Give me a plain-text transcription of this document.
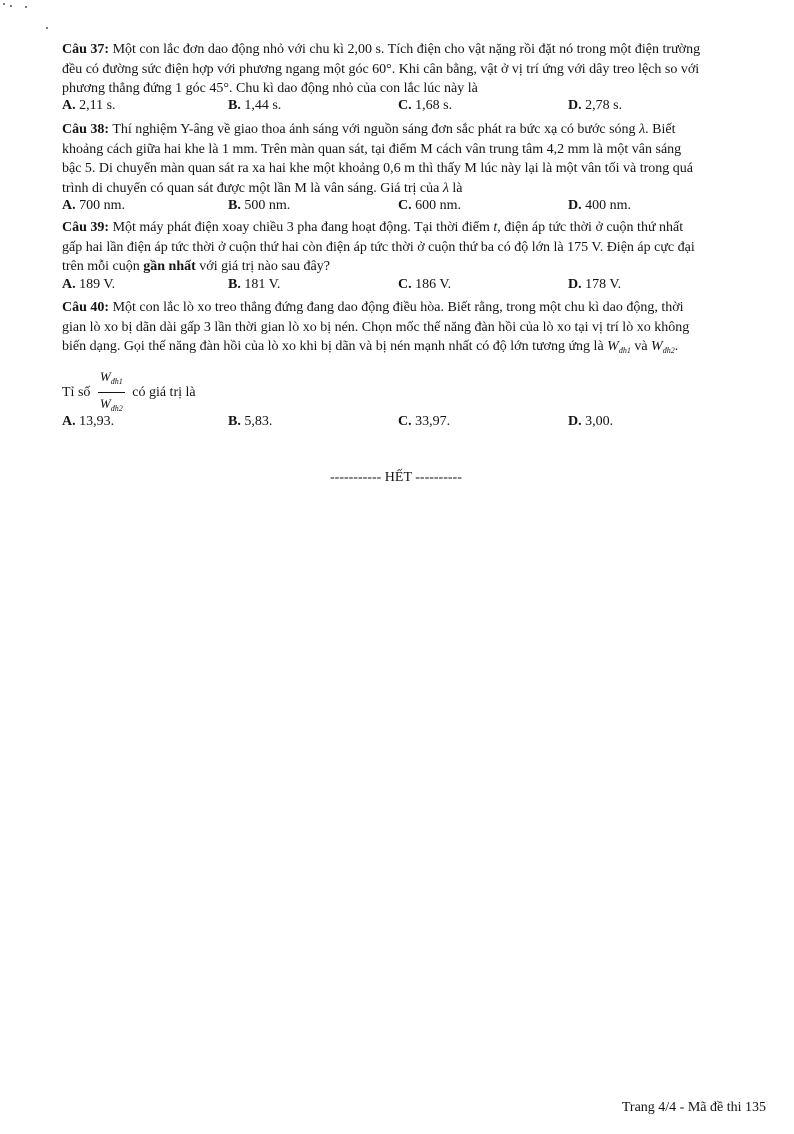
Câu 37: Một con lắc đơn dao động nhỏ với chu kì 2,00 s. Tích điện cho vật nặng rồi đặt nó trong một điện trường
đều có đường sức điện hợp với phương ngang một góc 60°. Khi cân bằng, vật ở vị trí ứng với dây treo lệch so với
phương thẳng đứng 1 góc 45°. Chu kì dao động nhỏ của con lắc lúc này là
A. 2,11 s.	B. 1,44 s.	C. 1,68 s.	D. 2,78 s.
Câu 38: Thí nghiệm Y-âng về giao thoa ánh sáng với nguồn sáng đơn sắc phát ra bức xạ có bước sóng λ. Biết
khoảng cách giữa hai khe là 1 mm. Trên màn quan sát, tại điểm M cách vân trung tâm 4,2 mm là một vân sáng
bậc 5. Di chuyển màn quan sát ra xa hai khe một khoảng 0,6 m thì thấy M lúc này lại là một vân tối và trong quá
trình di chuyển có quan sát được một lần M là vân sáng. Giá trị của λ là
A. 700 nm.	B. 500 nm.	C. 600 nm.	D. 400 nm.
Câu 39: Một máy phát điện xoay chiều 3 pha đang hoạt động. Tại thời điểm t, điện áp tức thời ở cuộn thứ nhất
gấp hai lần điện áp tức thời ở cuộn thứ hai còn điện áp tức thời ở cuộn thứ ba có độ lớn là 175 V. Điện áp cực đại
trên mỗi cuộn gần nhất với giá trị nào sau đây?
A. 189 V.	B. 181 V.	C. 186 V.	D. 178 V.
Câu 40: Một con lắc lò xo treo thẳng đứng đang dao động điều hòa. Biết rằng, trong một chu kì dao động, thời
gian lò xo bị dãn dài gấp 3 lần thời gian lò xo bị nén. Chọn mốc thế năng đàn hồi của lò xo tại vị trí lò xo không
biến dạng. Gọi thế năng đàn hồi của lò xo khi bị dãn và bị nén mạnh nhất có độ lớn tương ứng là $W_{đh1}$ và $W_{đh2}$.
Tỉ số $\frac{W_{đh1}}{W_{đh2}}$ có giá trị là
A. 13,93.	B. 5,83.	C. 33,97.	D. 3,00.
----------- HẾT ----------
Trang 4/4 - Mã đề thi 135
